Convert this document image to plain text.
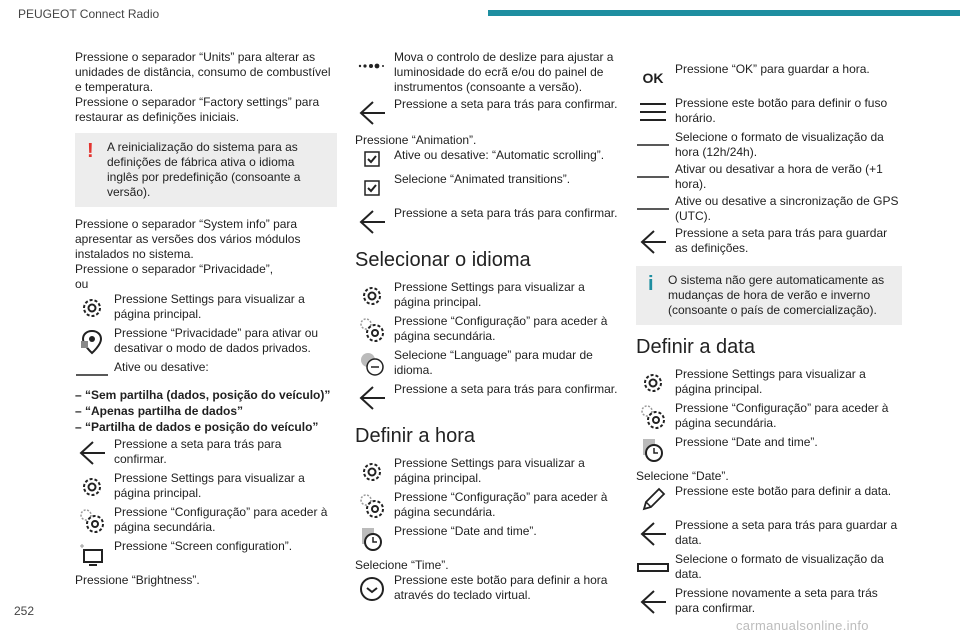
PEUGEOT Connect Radio

Pressione o separador “Units” para alterar as unidades de distância, consumo de combustível e temperatura.

Pressione o separador “Factory settings” para restaurar as definições iniciais.

!	A reinicialização do sistema para as definições de fábrica ativa o idioma inglês por predefinição (consoante a versão).

Pressione o separador “System info” para apresentar as versões dos vários módulos instalados no sistema.

Pressione o separador “Privacidade”,

ou

Pressione Settings para visualizar a página principal.
Pressione “Privacidade” para ativar ou desativar o modo de dados privados.
Ative ou desative:
– “Sem partilha (dados, posição do veículo)”
– “Apenas partilha de dados”
– “Partilha de dados e posição do veículo”
Pressione a seta para trás para confirmar.
Pressione Settings para visualizar a página principal.
Pressione “Configuração” para aceder à página secundária.
Pressione “Screen configuration”.

Pressione “Brightness”.

Mova o controlo de deslize para ajustar a luminosidade do ecrã e/ou do painel de instrumentos (consoante a versão).
Pressione a seta para trás para confirmar.

Pressione “Animation”.

Ative ou desative: “Automatic scrolling”.
Selecione “Animated transitions”.
Pressione a seta para trás para confirmar.
Selecionar o idioma
Pressione Settings para visualizar a página principal.
Pressione “Configuração” para aceder à página secundária.
Selecione “Language” para mudar de idioma.
Pressione a seta para trás para confirmar.
Definir a hora
Pressione Settings para visualizar a página principal.
Pressione “Configuração” para aceder à página secundária.
Pressione “Date and time”.

Selecione “Time”.

Pressione este botão para definir a hora através do teclado virtual.
OK
Pressione “OK” para guardar a hora.
Pressione este botão para definir o fuso horário.
Selecione o formato de visualização da hora (12h/24h).
Ativar ou desativar a hora de verão (+1 hora).
Ative ou desative a sincronização de GPS (UTC).
Pressione a seta para trás para guardar as definições.
i	O sistema não gere automaticamente as mudanças de hora de verão e inverno (consoante o país de comercialização).

Definir a data
Pressione Settings para visualizar a página principal.
Pressione “Configuração” para aceder à página secundária.
Pressione “Date and time”.

Selecione “Date”.

Pressione este botão para definir a data.
Pressione a seta para trás para guardar a data.
Selecione o formato de visualização da data.
Pressione novamente a seta para trás para confirmar.
252
carmanualsonline.info
